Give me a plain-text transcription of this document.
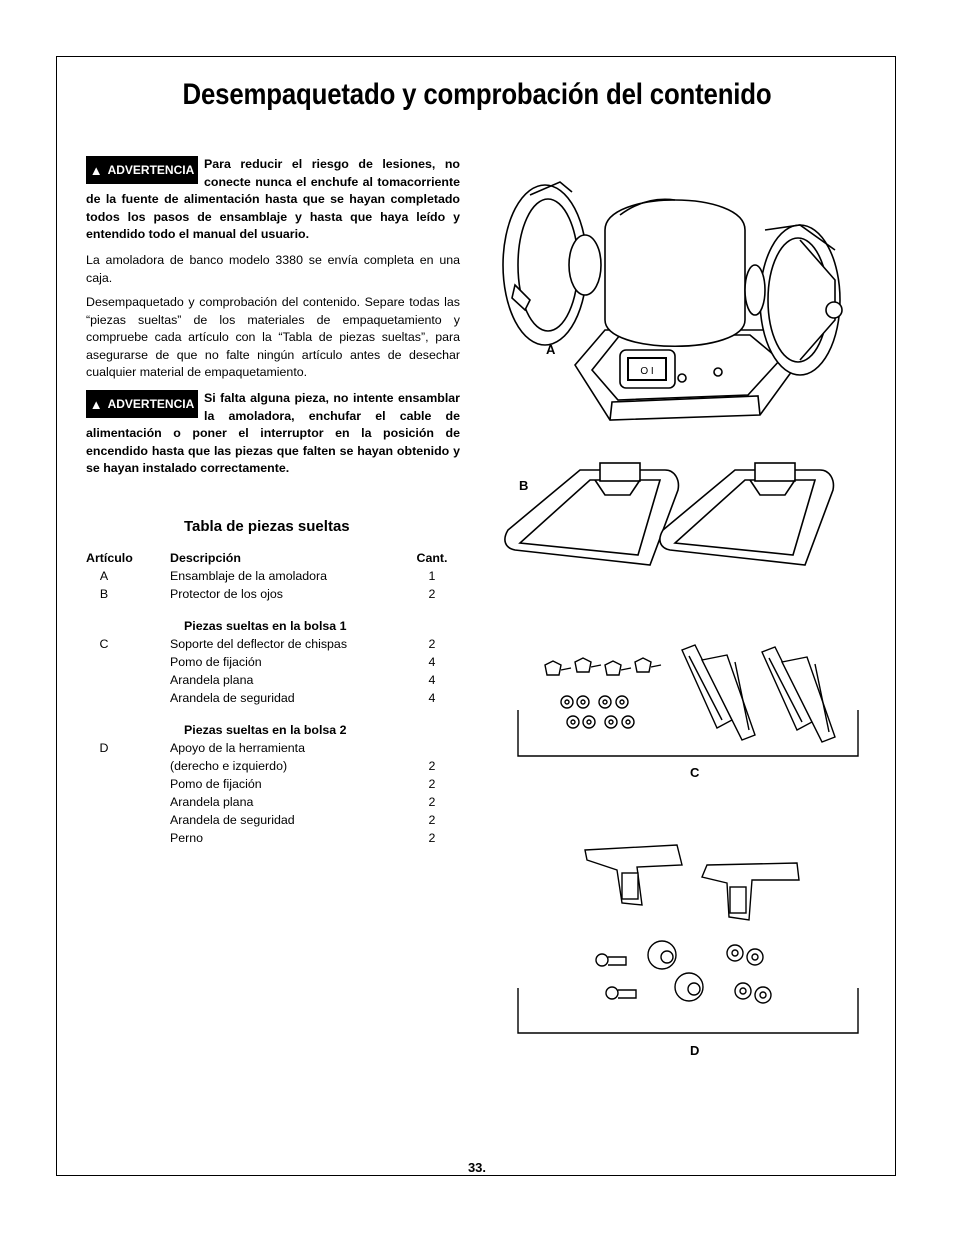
Desempaquetado y comprobación del contenido
▲ ADVERTENCIA Para reducir el riesgo de lesiones, no conecte nunca el enchufe al tomacorriente de la fuente de alimentación hasta que se hayan completado todos los pasos de ensamblaje y hasta que haya leído y entendido todo el manual del usuario.

La amoladora de banco modelo 3380 se envía completa en una caja.

Desempaquetado y comprobación del contenido. Separe todas las “piezas sueltas” de los materiales de empaquetamiento y compruebe cada artículo con la “Tabla de piezas sueltas”, para asegurarse de que no falte ningún artículo antes de desechar cualquier material de empaquetamiento.

▲ ADVERTENCIA Si falta alguna pieza, no intente ensamblar la amoladora, enchufar el cable de alimentación o poner el interruptor en la posición de encendido hasta que las piezas que falten se hayan obtenido y se hayan instalado correctamente.
Tabla de piezas sueltas
Artículo	Descripción	Cant.
A	Ensamblaje de la amoladora	1
B	Protector de los ojos	2
	Piezas sueltas en la bolsa 1	
C	Soporte del deflector de chispas	2
	Pomo de fijación	4
	Arandela plana	4
	Arandela de seguridad	4
	Piezas sueltas en la bolsa 2	
D	Apoyo de la herramienta	
	(derecho e izquierdo)	2
	Pomo de fijación	2
	Arandela plana	2
	Arandela de seguridad	2
	Perno	2
O I
A
B
C
D
33.
